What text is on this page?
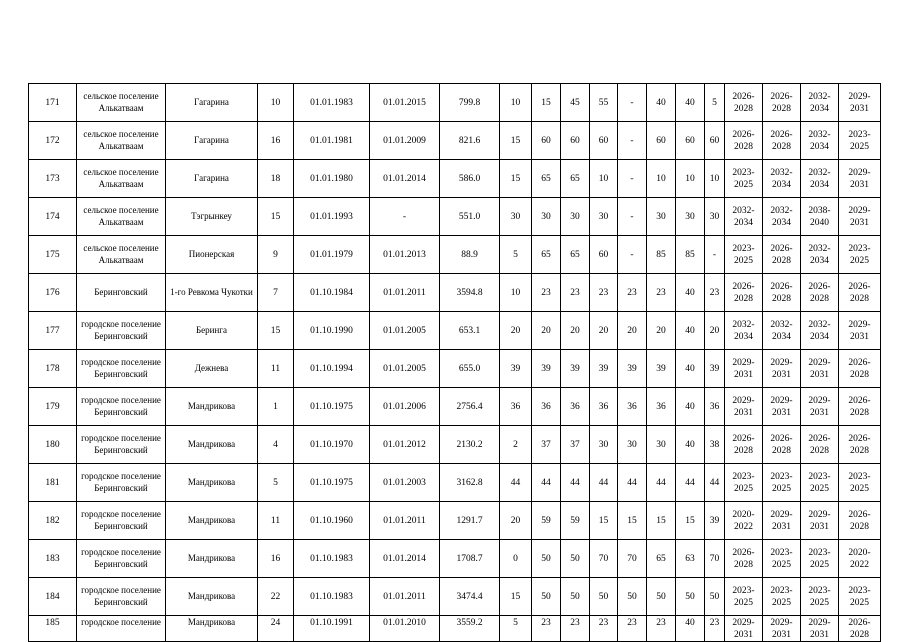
171	сельское поселение Алькатваам	Гагарина	10	01.01.1983	01.01.2015	799.8	10	15	45	55	-	40	40	5	2026-2028	2026-2028	2032-2034	2029-2031
172	сельское поселение Алькатваам	Гагарина	16	01.01.1981	01.01.2009	821.6	15	60	60	60	-	60	60	60	2026-2028	2026-2028	2032-2034	2023-2025
173	сельское поселение Алькатваам	Гагарина	18	01.01.1980	01.01.2014	586.0	15	65	65	10	-	10	10	10	2023-2025	2032-2034	2032-2034	2029-2031
174	сельское поселение Алькатваам	Тэгрынкеу	15	01.01.1993	-	551.0	30	30	30	30	-	30	30	30	2032-2034	2032-2034	2038-2040	2029-2031
175	сельское поселение Алькатваам	Пионерская	9	01.01.1979	01.01.2013	88.9	5	65	65	60	-	85	85	-	2023-2025	2026-2028	2032-2034	2023-2025
176	Беринговский	1-го Ревкома Чукотки	7	01.10.1984	01.01.2011	3594.8	10	23	23	23	23	23	40	23	2026-2028	2026-2028	2026-2028	2026-2028
177	городское поселение Беринговский	Беринга	15	01.10.1990	01.01.2005	653.1	20	20	20	20	20	20	40	20	2032-2034	2032-2034	2032-2034	2029-2031
178	городское поселение Беринговский	Дежнева	11	01.10.1994	01.01.2005	655.0	39	39	39	39	39	39	40	39	2029-2031	2029-2031	2029-2031	2026-2028
179	городское поселение Беринговский	Мандрикова	1	01.10.1975	01.01.2006	2756.4	36	36	36	36	36	36	40	36	2029-2031	2029-2031	2029-2031	2026-2028
180	городское поселение Беринговский	Мандрикова	4	01.10.1970	01.01.2012	2130.2	2	37	37	30	30	30	40	38	2026-2028	2026-2028	2026-2028	2026-2028
181	городское поселение Беринговский	Мандрикова	5	01.10.1975	01.01.2003	3162.8	44	44	44	44	44	44	44	44	2023-2025	2023-2025	2023-2025	2023-2025
182	городское поселение Беринговский	Мандрикова	11	01.10.1960	01.01.2011	1291.7	20	59	59	15	15	15	15	39	2020-2022	2029-2031	2029-2031	2026-2028
183	городское поселение Беринговский	Мандрикова	16	01.10.1983	01.01.2014	1708.7	0	50	50	70	70	65	63	70	2026-2028	2023-2025	2023-2025	2020-2022
184	городское поселение Беринговский	Мандрикова	22	01.10.1983	01.01.2011	3474.4	15	50	50	50	50	50	50	50	2023-2025	2023-2025	2023-2025	2023-2025
185	городское поселение	Мандрикова	24	01.10.1991	01.01.2010	3559.2	5	23	23	23	23	23	40	23	2029-2031	2029-2031	2029-2031	2026-2028
